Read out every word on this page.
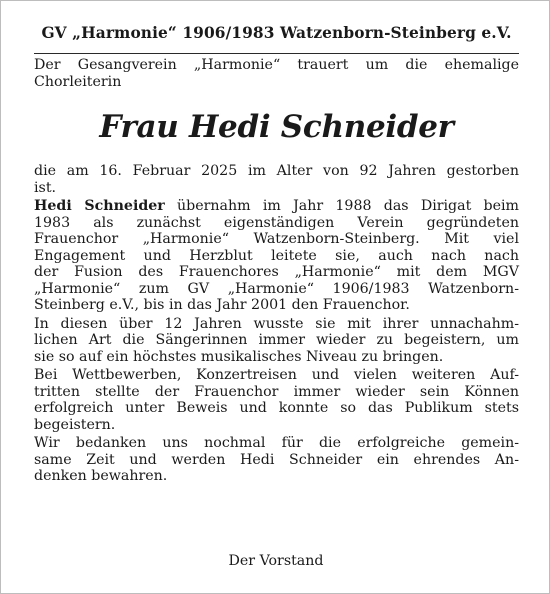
GV „Harmonie“ 1906/1983 Watzenborn-Steinberg e.V.
Der Gesangverein „Harmonie“ trauert um die ehemalige
Chorleiterin
Frau Hedi Schneider
die am 16. Februar 2025 im Alter von 92 Jahren gestorben
ist.
Hedi Schneider übernahm im Jahr 1988 das Dirigat beim
1983 als zunächst eigenständigen Verein gegründeten
Frauenchor „Harmonie“ Watzenborn-Steinberg. Mit viel
Engagement und Herzblut leitete sie, auch nach nach
der Fusion des Frauenchores „Harmonie“ mit dem MGV
„Harmonie“ zum GV „Harmonie“ 1906/1983 Watzenborn-
Steinberg e.V., bis in das Jahr 2001 den Frauenchor.
In diesen über 12 Jahren wusste sie mit ihrer unnachahm-
lichen Art die Sängerinnen immer wieder zu begeistern, um
sie so auf ein höchstes musikalisches Niveau zu bringen.
Bei Wettbewerben, Konzertreisen und vielen weiteren Auf-
tritten stellte der Frauenchor immer wieder sein Können
erfolgreich unter Beweis und konnte so das Publikum stets
begeistern.
Wir bedanken uns nochmal für die erfolgreiche gemein-
same Zeit und werden Hedi Schneider ein ehrendes An-
denken bewahren.
Der Vorstand
